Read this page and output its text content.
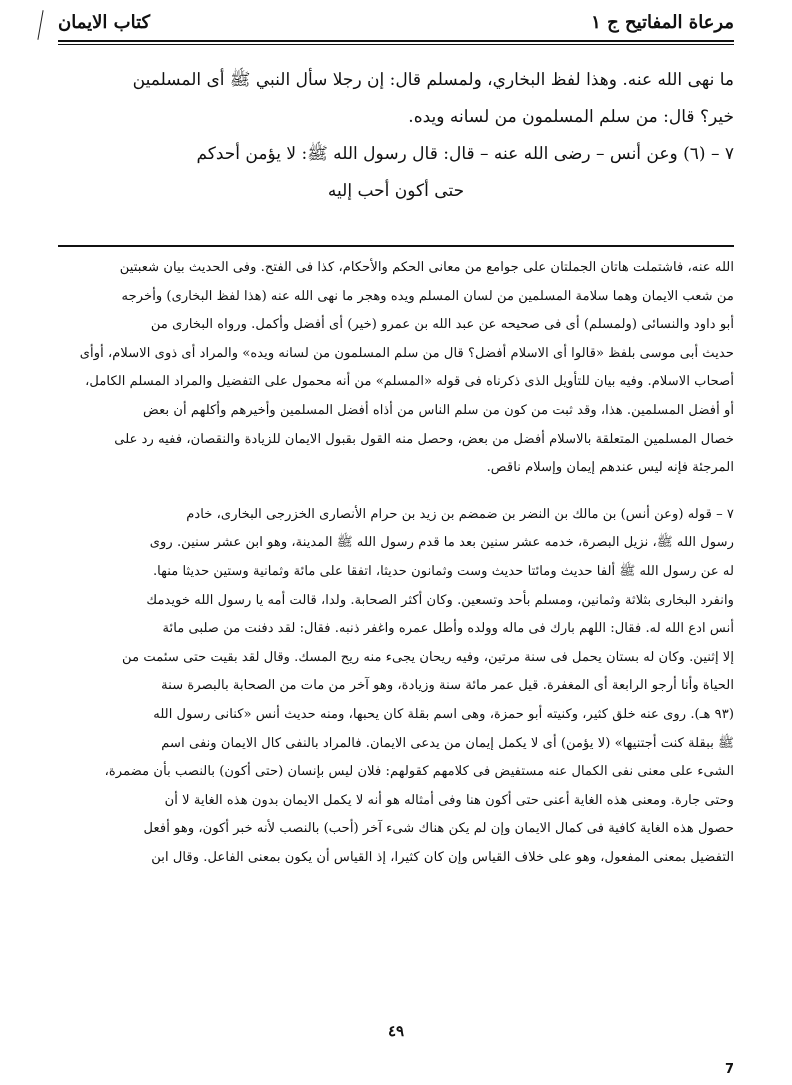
مرعاة المفاتيح ج ١
كتاب الايمان

ما نهى الله عنه. وهذا لفظ البخاري، ولمسلم قال: إن رجلا سأل النبي ﷺ أى المسلمين

خير؟ قال: من سلم المسلمون من لسانه ويده.

٧ – (٦) وعن أنس – رضى الله عنه – قال: قال رسول الله ﷺ: لا يؤمن أحدكم

حتى أكون أحب إليه

الله عنه، فاشتملت هاتان الجملتان على جوامع من معانى الحكم والأحكام، كذا فى الفتح. وفى الحديث بيان شعبتين

من شعب الايمان وهما سلامة المسلمين من لسان المسلم ويده وهجر ما نهى الله عنه (هذا لفظ البخارى) وأخرجه

أبو داود والنسائى (ولمسلم) أى فى صحيحه عن عبد الله بن عمرو (خير) أى أفضل وأكمل. ورواه البخارى من

حديث أبى موسى بلفظ «قالوا أى الاسلام أفضل؟ قال من سلم المسلمون من لسانه ويده» والمراد أى ذوى الاسلام، أوأى

أصحاب الاسلام. وفيه بيان للتأويل الذى ذكرناه فى قوله «المسلم» من أنه محمول على التفضيل والمراد المسلم الكامل،

أو أفضل المسلمين. هذا، وقد ثبت من كون من سلم الناس من أذاه أفضل المسلمين وأخيرهم وأكلهم أن بعض

خصال المسلمين المتعلقة بالاسلام أفضل من بعض، وحصل منه القول بقبول الايمان للزيادة والنقصان، ففيه رد على

المرجئة فإنه ليس عندهم إيمان وإسلام ناقص.

٧ – قوله (وعن أنس) بن مالك بن النضر بن ضمضم بن زيد بن حرام الأنصارى الخزرجى البخارى، خادم

رسول الله ﷺ، نزيل البصرة، خدمه عشر سنين بعد ما قدم رسول الله ﷺ المدينة، وهو ابن عشر سنين. روى

له عن رسول الله ﷺ ألفا حديث ومائتا حديث وست وثمانون حديثا، اتفقا على مائة وثمانية وستين حديثا منها.

وانفرد البخارى بثلاثة وثمانين، ومسلم بأحد وتسعين. وكان أكثر الصحابة. ولدا، قالت أمه يا رسول الله خويدمك

أنس ادع الله له. فقال: اللهم بارك فى ماله وولده وأطل عمره واغفر ذنبه. فقال: لقد دفنت من صلبى مائة

إلا إثنين. وكان له بستان يحمل فى سنة مرتين، وفيه ريحان يجىء منه ريح المسك. وقال لقد بقيت حتى سئمت من

الحياة وأنا أرجو الرابعة أى المغفرة. قيل عمر مائة سنة وزيادة، وهو آخر من مات من الصحابة بالبصرة سنة

(٩٣ هـ). روى عنه خلق كثير، وكنيته أبو حمزة، وهى اسم بقلة كان يحبها، ومنه حديث أنس «كنانى رسول الله

ﷺ ببقلة كنت أجتنيها» (لا يؤمن) أى لا يكمل إيمان من يدعى الايمان. فالمراد بالنفى كال الايمان ونفى اسم

الشىء على معنى نفى الكمال عنه مستفيض فى كلامهم كقولهم: فلان ليس بإنسان (حتى أكون) بالنصب بأن مضمرة،

وحتى جارة. ومعنى هذه الغاية أعنى حتى أكون هنا وفى أمثاله هو أنه لا يكمل الايمان بدون هذه الغاية لا أن

حصول هذه الغاية كافية فى كمال الايمان وإن لم يكن هناك شىء آخر (أحب) بالنصب لأنه خبر أكون، وهو أفعل

التفضيل بمعنى المفعول، وهو على خلاف القياس وإن كان كثيرا، إذ القياس أن يكون بمعنى الفاعل. وقال ابن

٤٩
7
